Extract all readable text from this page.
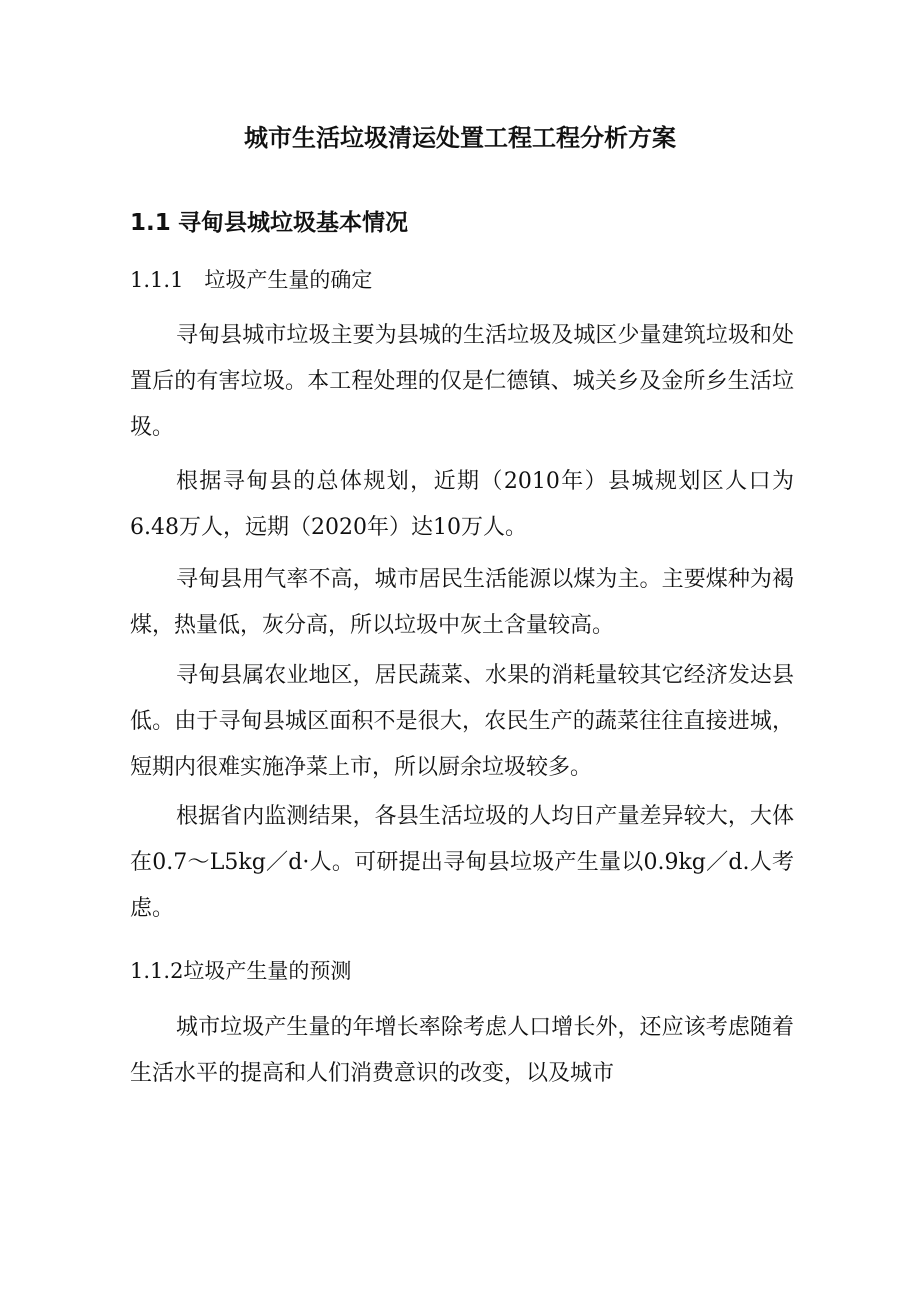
城市生活垃圾清运处置工程工程分析方案
1.1 寻甸县城垃圾基本情况
1.1.1　垃圾产生量的确定
寻甸县城市垃圾主要为县城的生活垃圾及城区少量建筑垃圾和处置后的有害垃圾。本工程处理的仅是仁德镇、城关乡及金所乡生活垃圾。
根据寻甸县的总体规划，近期（2010年）县城规划区人口为6.48万人，远期（2020年）达10万人。
寻甸县用气率不高，城市居民生活能源以煤为主。主要煤种为褐煤，热量低，灰分高，所以垃圾中灰土含量较高。
寻甸县属农业地区，居民蔬菜、水果的消耗量较其它经济发达县低。由于寻甸县城区面积不是很大，农民生产的蔬菜往往直接进城，短期内很难实施净菜上市，所以厨余垃圾较多。
根据省内监测结果，各县生活垃圾的人均日产量差异较大，大体在0.7～L5kg／d·人。可研提出寻甸县垃圾产生量以0.9kg／d.人考虑。
1.1.2垃圾产生量的预测
城市垃圾产生量的年增长率除考虑人口增长外，还应该考虑随着生活水平的提高和人们消费意识的改变，以及城市
